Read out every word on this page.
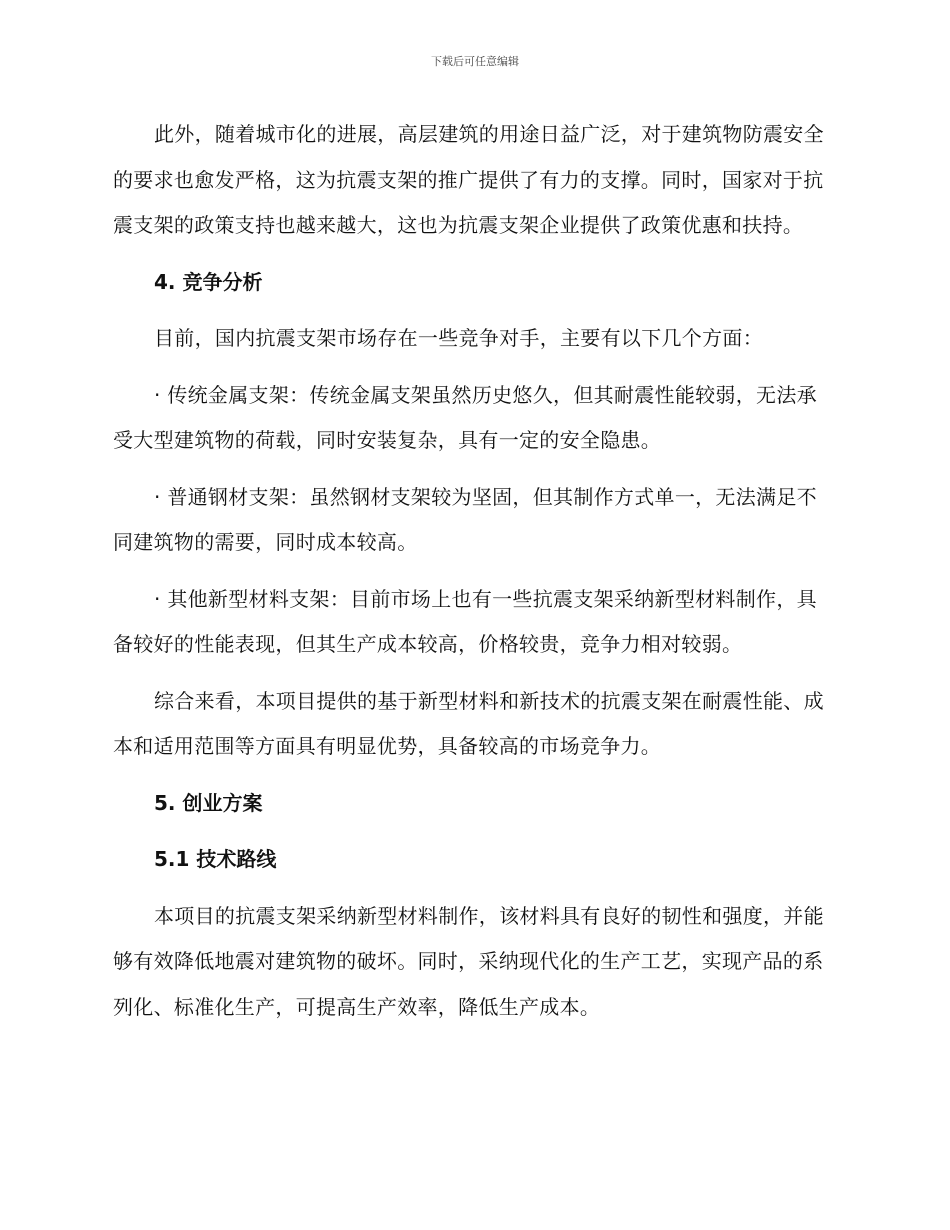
下载后可任意编辑

此外，随着城市化的进展，高层建筑的用途日益广泛，对于建筑物防震安全的要求也愈发严格，这为抗震支架的推广提供了有力的支撑。同时，国家对于抗震支架的政策支持也越来越大，这也为抗震支架企业提供了政策优惠和扶持。

4. 竞争分析

目前，国内抗震支架市场存在一些竞争对手，主要有以下几个方面：

· 传统金属支架：传统金属支架虽然历史悠久，但其耐震性能较弱，无法承受大型建筑物的荷载，同时安装复杂，具有一定的安全隐患。

· 普通钢材支架：虽然钢材支架较为坚固，但其制作方式单一，无法满足不同建筑物的需要，同时成本较高。

· 其他新型材料支架：目前市场上也有一些抗震支架采纳新型材料制作，具备较好的性能表现，但其生产成本较高，价格较贵，竞争力相对较弱。

综合来看，本项目提供的基于新型材料和新技术的抗震支架在耐震性能、成本和适用范围等方面具有明显优势，具备较高的市场竞争力。

5. 创业方案

5.1 技术路线

本项目的抗震支架采纳新型材料制作，该材料具有良好的韧性和强度，并能够有效降低地震对建筑物的破坏。同时，采纳现代化的生产工艺，实现产品的系列化、标准化生产，可提高生产效率，降低生产成本。
